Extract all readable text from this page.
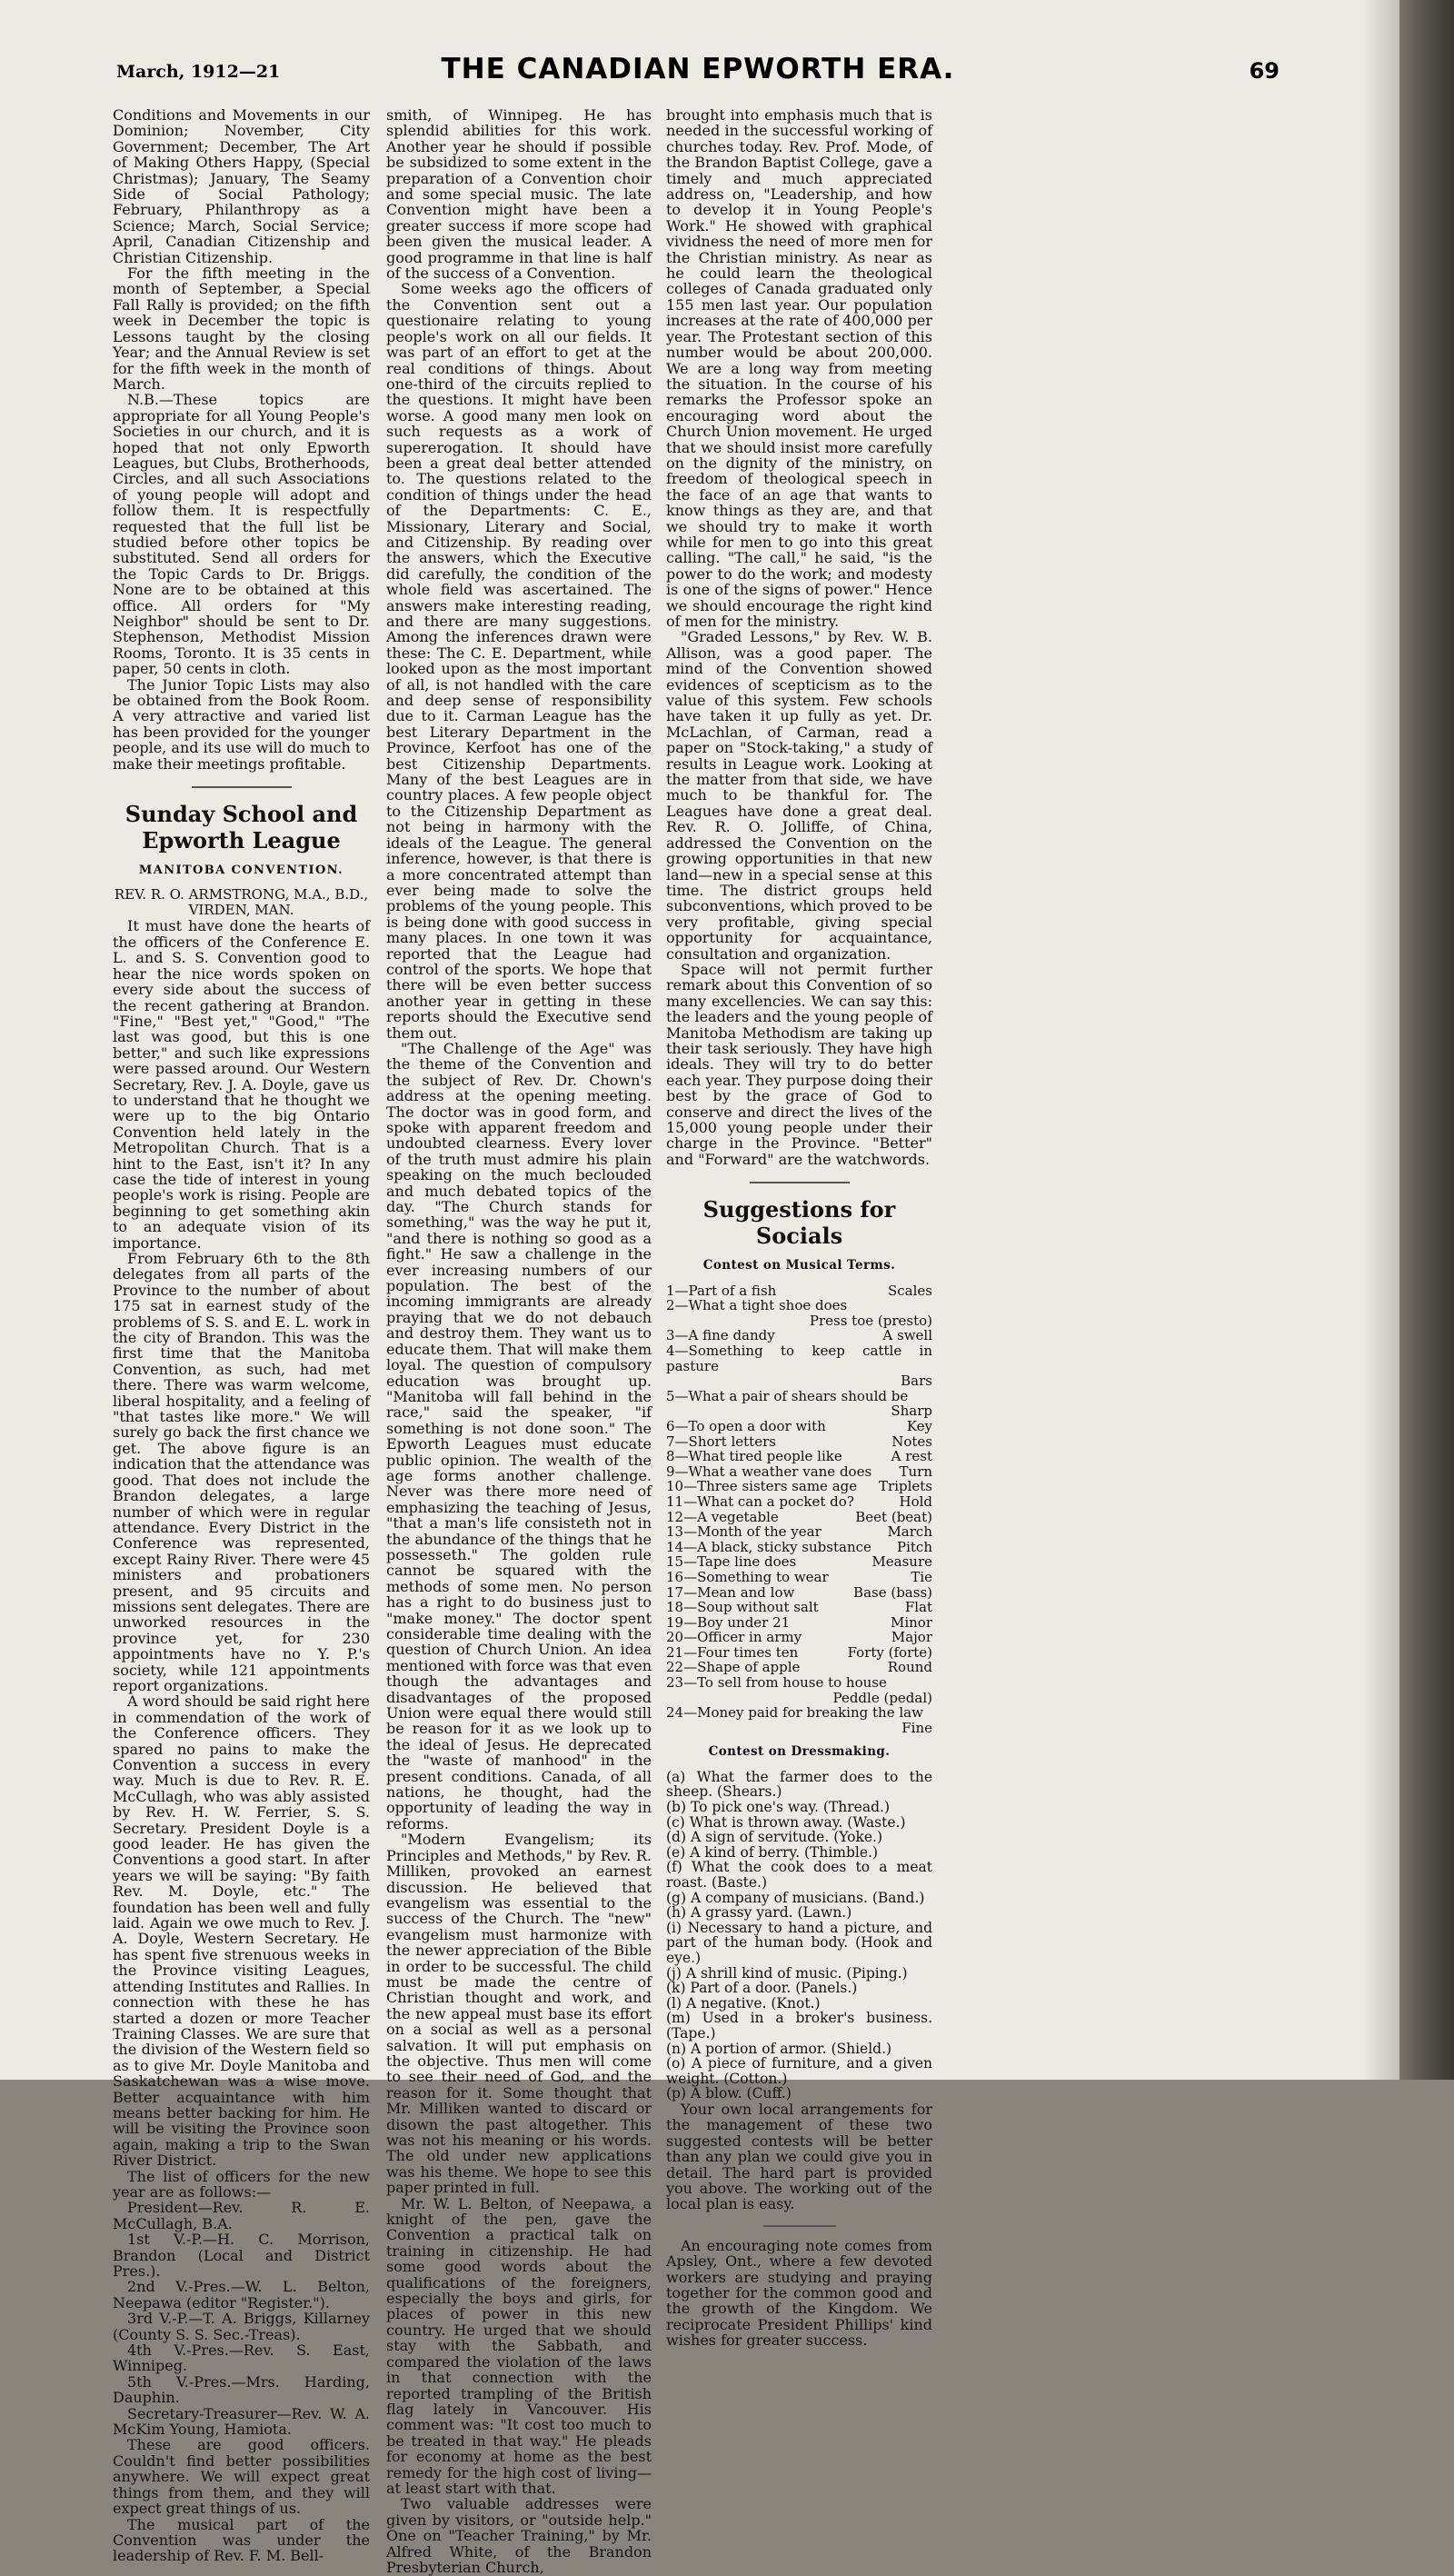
March, 1912—21	THE CANADIAN EPWORTH ERA.	69

Conditions and Movements in our Dominion; November, City Government; December, The Art of Making Others Happy, (Special Christmas); January, The Seamy Side of Social Pathology; February, Philanthropy as a Science; March, Social Service; April, Canadian Citizenship and Christian Citizenship.

For the fifth meeting in the month of September, a Special Fall Rally is provided; on the fifth week in December the topic is Lessons taught by the closing Year; and the Annual Review is set for the fifth week in the month of March.

N.B.—These topics are appropriate for all Young People's Societies in our church, and it is hoped that not only Epworth Leagues, but Clubs, Brotherhoods, Circles, and all such Associations of young people will adopt and follow them. It is respectfully requested that the full list be studied before other topics be substituted. Send all orders for the Topic Cards to Dr. Briggs. None are to be obtained at this office. All orders for "My Neighbor" should be sent to Dr. Stephenson, Methodist Mission Rooms, Toronto. It is 35 cents in paper, 50 cents in cloth.

The Junior Topic Lists may also be obtained from the Book Room. A very attractive and varied list has been provided for the younger people, and its use will do much to make their meetings profitable.

Sunday School and Epworth League
MANITOBA CONVENTION.

REV. R. O. ARMSTRONG, M.A., B.D.,
VIRDEN, MAN.

It must have done the hearts of the officers of the Conference E. L. and S. S. Convention good to hear the nice words spoken on every side about the success of the recent gathering at Brandon. "Fine," "Best yet," "Good," "The last was good, but this is one better," and such like expressions were passed around. Our Western Secretary, Rev. J. A. Doyle, gave us to understand that he thought we were up to the big Ontario Convention held lately in the Metropolitan Church. That is a hint to the East, isn't it? In any case the tide of interest in young people's work is rising. People are beginning to get something akin to an adequate vision of its importance.

From February 6th to the 8th delegates from all parts of the Province to the number of about 175 sat in earnest study of the problems of S. S. and E. L. work in the city of Brandon. This was the first time that the Manitoba Convention, as such, had met there. There was warm welcome, liberal hospitality, and a feeling of "that tastes like more." We will surely go back the first chance we get. The above figure is an indication that the attendance was good. That does not include the Brandon delegates, a large number of which were in regular attendance. Every District in the Conference was represented, except Rainy River. There were 45 ministers and probationers present, and 95 circuits and missions sent delegates. There are unworked resources in the province yet, for 230 appointments have no Y. P.'s society, while 121 appointments report organizations.

A word should be said right here in commendation of the work of the Conference officers. They spared no pains to make the Convention a success in every way. Much is due to Rev. R. E. McCullagh, who was ably assisted by Rev. H. W. Ferrier, S. S. Secretary. President Doyle is a good leader. He has given the Conventions a good start. In after years we will be saying: "By faith Rev. M. Doyle, etc." The foundation has been well and fully laid. Again we owe much to Rev. J. A. Doyle, Western Secretary. He has spent five strenuous weeks in the Province visiting Leagues, attending Institutes and Rallies. In connection with these he has started a dozen or more Teacher Training Classes. We are sure that the division of the Western field so as to give Mr. Doyle Manitoba and Saskatchewan was a wise move. Better acquaintance with him means better backing for him. He will be visiting the Province soon again, making a trip to the Swan River District.

The list of officers for the new year are as follows:—

President—Rev. R. E. McCullagh, B.A.

1st V.-P.—H. C. Morrison, Brandon (Local and District Pres.).

2nd V.-Pres.—W. L. Belton, Neepawa (editor "Register.").

3rd V.-P.—T. A. Briggs, Killarney (County S. S. Sec.-Treas).

4th V.-Pres.—Rev. S. East, Winnipeg.

5th V.-Pres.—Mrs. Harding, Dauphin.

Secretary-Treasurer—Rev. W. A. McKim Young, Hamiota.

These are good officers. Couldn't find better possibilities anywhere. We will expect great things from them, and they will expect great things of us.

The musical part of the Convention was under the leadership of Rev. F. M. Bell-

smith, of Winnipeg. He has splendid abilities for this work. Another year he should if possible be subsidized to some extent in the preparation of a Convention choir and some special music. The late Convention might have been a greater success if more scope had been given the musical leader. A good programme in that line is half of the success of a Convention.

Some weeks ago the officers of the Convention sent out a questionaire relating to young people's work on all our fields. It was part of an effort to get at the real conditions of things. About one-third of the circuits replied to the questions. It might have been worse. A good many men look on such requests as a work of supererogation. It should have been a great deal better attended to. The questions related to the condition of things under the head of the Departments: C. E., Missionary, Literary and Social, and Citizenship. By reading over the answers, which the Executive did carefully, the condition of the whole field was ascertained. The answers make interesting reading, and there are many suggestions. Among the inferences drawn were these: The C. E. Department, while looked upon as the most important of all, is not handled with the care and deep sense of responsibility due to it. Carman League has the best Literary Department in the Province, Kerfoot has one of the best Citizenship Departments. Many of the best Leagues are in country places. A few people object to the Citizenship Department as not being in harmony with the ideals of the League. The general inference, however, is that there is a more concentrated attempt than ever being made to solve the problems of the young people. This is being done with good success in many places. In one town it was reported that the League had control of the sports. We hope that there will be even better success another year in getting in these reports should the Executive send them out.

"The Challenge of the Age" was the theme of the Convention and the subject of Rev. Dr. Chown's address at the opening meeting. The doctor was in good form, and spoke with apparent freedom and undoubted clearness. Every lover of the truth must admire his plain speaking on the much beclouded and much debated topics of the day. "The Church stands for something," was the way he put it, "and there is nothing so good as a fight." He saw a challenge in the ever increasing numbers of our population. The best of the incoming immigrants are already praying that we do not debauch and destroy them. They want us to educate them. That will make them loyal. The question of compulsory education was brought up. "Manitoba will fall behind in the race," said the speaker, "if something is not done soon." The Epworth Leagues must educate public opinion. The wealth of the age forms another challenge. Never was there more need of emphasizing the teaching of Jesus, "that a man's life consisteth not in the abundance of the things that he possesseth." The golden rule cannot be squared with the methods of some men. No person has a right to do business just to "make money." The doctor spent considerable time dealing with the question of Church Union. An idea mentioned with force was that even though the advantages and disadvantages of the proposed Union were equal there would still be reason for it as we look up to the ideal of Jesus. He deprecated the "waste of manhood" in the present conditions. Canada, of all nations, he thought, had the opportunity of leading the way in reforms.

"Modern Evangelism; its Principles and Methods," by Rev. R. Milliken, provoked an earnest discussion. He believed that evangelism was essential to the success of the Church. The "new" evangelism must harmonize with the newer appreciation of the Bible in order to be successful. The child must be made the centre of Christian thought and work, and the new appeal must base its effort on a social as well as a personal salvation. It will put emphasis on the objective. Thus men will come to see their need of God, and the reason for it. Some thought that Mr. Milliken wanted to discard or disown the past altogether. This was not his meaning or his words. The old under new applications was his theme. We hope to see this paper printed in full.

Mr. W. L. Belton, of Neepawa, a knight of the pen, gave the Convention a practical talk on training in citizenship. He had some good words about the qualifications of the foreigners, especially the boys and girls, for places of power in this new country. He urged that we should stay with the Sabbath, and compared the violation of the laws in that connection with the reported trampling of the British flag lately in Vancouver. His comment was: "It cost too much to be treated in that way." He pleads for economy at home as the best remedy for the high cost of living—at least start with that.

Two valuable addresses were given by visitors, or "outside help." One on "Teacher Training," by Mr. Alfred White, of the Brandon Presbyterian Church,

brought into emphasis much that is needed in the successful working of churches today. Rev. Prof. Mode, of the Brandon Baptist College, gave a timely and much appreciated address on, "Leadership, and how to develop it in Young People's Work." He showed with graphical vividness the need of more men for the Christian ministry. As near as he could learn the theological colleges of Canada graduated only 155 men last year. Our population increases at the rate of 400,000 per year. The Protestant section of this number would be about 200,000. We are a long way from meeting the situation. In the course of his remarks the Professor spoke an encouraging word about the Church Union movement. He urged that we should insist more carefully on the dignity of the ministry, on freedom of theological speech in the face of an age that wants to know things as they are, and that we should try to make it worth while for men to go into this great calling. "The call," he said, "is the power to do the work; and modesty is one of the signs of power." Hence we should encourage the right kind of men for the ministry.

"Graded Lessons," by Rev. W. B. Allison, was a good paper. The mind of the Convention showed evidences of scepticism as to the value of this system. Few schools have taken it up fully as yet. Dr. McLachlan, of Carman, read a paper on "Stock-taking," a study of results in League work. Looking at the matter from that side, we have much to be thankful for. The Leagues have done a great deal. Rev. R. O. Jolliffe, of China, addressed the Convention on the growing opportunities in that new land—new in a special sense at this time. The district groups held subconventions, which proved to be very profitable, giving special opportunity for acquaintance, consultation and organization.

Space will not permit further remark about this Convention of so many excellencies. We can say this: the leaders and the young people of Manitoba Methodism are taking up their task seriously. They have high ideals. They will try to do better each year. They purpose doing their best by the grace of God to conserve and direct the lives of the 15,000 young people under their charge in the Province. "Better" and "Forward" are the watchwords.

Suggestions for Socials
Contest on Musical Terms.
1—Part of a fish	Scales
2—What a tight shoe does
Press toe (presto)
3—A fine dandy	A swell
4—Something to keep cattle in pasture
Bars
5—What a pair of shears should be
Sharp
6—To open a door with	Key
7—Short letters	Notes
8—What tired people like	A rest
9—What a weather vane does Turn
10—Three sisters same age Triplets
11—What can a pocket do?	Hold
12—A vegetable	Beet (beat)
13—Month of the year	March
14—A black, sticky substance Pitch
15—Tape line does	Measure
16—Something to wear	Tie
17—Mean and low	Base (bass)
18—Soup without salt	Flat
19—Boy under 21	Minor
20—Officer in army	Major
21—Four times ten	Forty (forte)
22—Shape of apple	Round
23—To sell from house to house
Peddle (pedal)
24—Money paid for breaking the law
Fine
Contest on Dressmaking.

(a) What the farmer does to the sheep. (Shears.)

(b) To pick one's way. (Thread.)

(c) What is thrown away. (Waste.)

(d) A sign of servitude. (Yoke.)

(e) A kind of berry. (Thimble.)

(f) What the cook does to a meat roast. (Baste.)

(g) A company of musicians. (Band.)

(h) A grassy yard. (Lawn.)

(i) Necessary to hand a picture, and part of the human body. (Hook and eye.)

(j) A shrill kind of music. (Piping.)

(k) Part of a door. (Panels.)

(l) A negative. (Knot.)

(m) Used in a broker's business. (Tape.)

(n) A portion of armor. (Shield.)

(o) A piece of furniture, and a given weight. (Cotton.)

(p) A blow. (Cuff.)

Your own local arrangements for the management of these two suggested contests will be better than any plan we could give you in detail. The hard part is provided you above. The working out of the local plan is easy.

An encouraging note comes from Apsley, Ont., where a few devoted workers are studying and praying together for the common good and the growth of the Kingdom. We reciprocate President Phillips' kind wishes for greater success.
